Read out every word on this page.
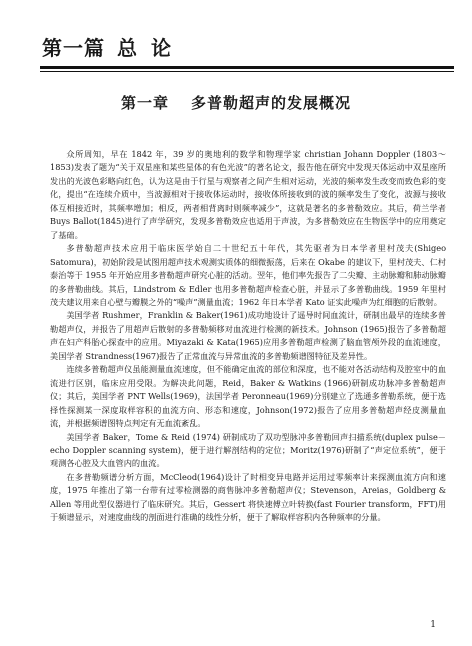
第一篇 总论
第一章 多普勒超声的发展概况

众所周知，早在 1842 年，39 岁的奥地利的数学和物理学家 christian Johann Doppler (1803～1853)发表了题为“关于双星座和某些星体的有色光波”的著名论文，报告他在研究中发现天体运动中双星座所发出的光波色彩略向红色，认为这是由于行星与观察者之间产生相对运动，光波的频率发生改变而致色彩的变化，提出“在连续介质中，当波源相对于接收体运动时，接收体所接收到的波的频率发生了变化，波源与接收体互相接近时，其频率增加；相反，两者相背离时则频率减少”，这就是著名的多普勒效应。其后，荷兰学者 Buys Ballot(1845)进行了声学研究，发现多普勒效应也适用于声波，为多普勒效应在生物医学中的应用奠定了基础。

多普勒超声技术应用于临床医学始自二十世纪五十年代，其先驱者为日本学者里村茂夫(Shigeo Satomura)，初始阶段是试图用超声技术观测实质体的细微振荡，后来在 Okabe 的建议下，里村茂夫、仁村泰治等于 1955 年开始应用多普勒超声研究心脏的活动。翌年，他们率先报告了二尖瓣、主动脉瓣和肺动脉瓣的多普勒曲线。其后，Lindstrom & Edler 也用多普勒超声检查心脏，并显示了多普勒曲线。1959 年里村茂夫建议用来自心壁与瓣膜之外的“噪声”测量血流；1962 年日本学者 Kato 证实此噪声为红细胞的后散射。

美国学者 Rushmer，Franklin & Baker(1961)成功地设计了遥导时间血流计，研制出最早的连续多普勒超声仪，并报告了用超声后散射的多普勒频移对血流进行检测的新技术。Johnson (1965)报告了多普勒超声在妇产科胎心探查中的应用。Miyazaki & Kata(1965)应用多普勒超声检测了脑血管颅外段的血流速度，美国学者 Strandness(1967)报告了正常血流与异常血流的多普勒频谱图特征及差异性。

连续多普勒超声仪虽能测量血流速度，但不能确定血流的部位和深度，也不能对各活动结构及腔室中的血流进行区别，临床应用受限。为解决此问题，Reid，Baker & Watkins (1966)研制成功脉冲多普勒超声仪；其后，美国学者 PNT Wells(1969)，法国学者 Peronneau(1969)分别建立了选通多普勒系统，便于选择性探测某一深度取样容积的血流方向、形态和速度，Johnson(1972)报告了应用多普勒超声经皮测量血流，并根据频谱图特点判定有无血流紊乱。

美国学者 Baker，Tome & Reid (1974) 研制成功了双功型脉冲多普勒回声扫描系统(duplex pulse－echo Doppler scanning system)，便于进行解剖结构的定位；Moritz(1976)研制了“声定位系统”，便于观测各心腔及大血管内的血流。

在多普勒频谱分析方面，McCleod(1964)设计了时相变异电路并运用过零频率计来探测血流方向和速度，1975 年推出了第一台带有过零检测器的商售脉冲多普勒超声仪；Stevenson，Areias，Goldberg & Allen 等用此型仪器进行了临床研究。其后，Gessert 将快速傅立叶转换(fast Fourier transform，FFT)用于频谱显示，对速度曲线的剖面进行准确的线性分析，便于了解取样容积内各种频率的分量。

1
